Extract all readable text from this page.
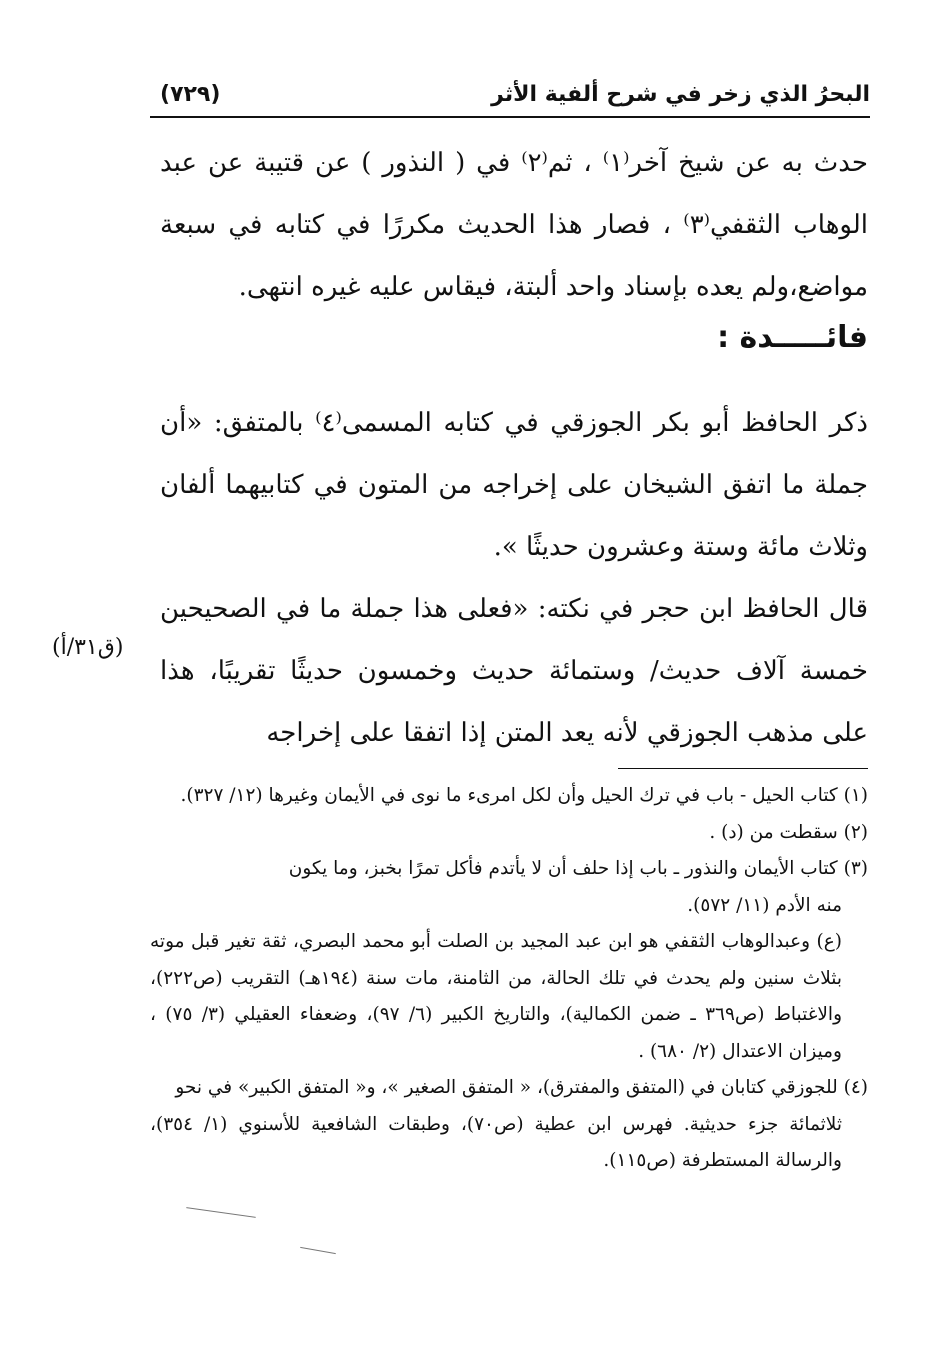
البحرُ الذي زخر في شرح ألفية الأثر
(٧٢٩)
حدث به عن شيخ آخر⁽١⁾ ، ثم⁽٢⁾ في ( النذور ) عن قتيبة عن عبد الوهاب الثقفي⁽٣⁾ ، فصار هذا الحديث مكررًا في كتابه في سبعة مواضع،ولم يعده بإسناد واحد ألبتة، فيقاس عليه غيره انتهى.
فائـــــدة :
ذكر الحافظ أبو بكر الجوزقي في كتابه المسمى⁽٤⁾ بالمتفق: «أن جملة ما اتفق الشيخان على إخراجه من المتون في كتابيهما ألفان وثلاث مائة وستة وعشرون حديثًا ».
قال الحافظ ابن حجر في نكته: «فعلى هذا جملة ما في الصحيحين خمسة آلاف حديث/ وستمائة حديث وخمسون حديثًا تقريبًا، هذا على مذهب الجوزقي لأنه يعد المتن إذا اتفقا على إخراجه
(ق٣١/أ)
(١) كتاب الحيل - باب في ترك الحيل وأن لكل امرىء ما نوى في الأيمان وغيرها (١٢/ ٣٢٧).
(٢) سقطت من (د) .
(٣) كتاب الأيمان والنذور ـ باب إذا حلف أن لا يأتدم فأكل تمرًا بخبز، وما يكون
منه الأدم (١١/ ٥٧٢).
(ع) وعبدالوهاب الثقفي هو ابن عبد المجيد بن الصلت أبو محمد البصري، ثقة تغير قبل موته بثلاث سنين ولم يحدث في تلك الحالة، من الثامنة، مات سنة (١٩٤هـ) التقريب (ص٢٢٢)، والاغتباط (ص٣٦٩ ـ ضمن الكمالية)، والتاريخ الكبير (٦/ ٩٧)، وضعفاء العقيلي (٣/ ٧٥) ، وميزان الاعتدال (٢/ ٦٨٠) .
(٤) للجوزقي كتابان في (المتفق والمفترق)، « المتفق الصغير »، و« المتفق الكبير» في نحو
ثلاثمائة جزء حديثية. فهرس ابن عطية (ص٧٠)، وطبقات الشافعية للأسنوي (١/ ٣٥٤)، والرسالة المستطرفة (ص١١٥).
